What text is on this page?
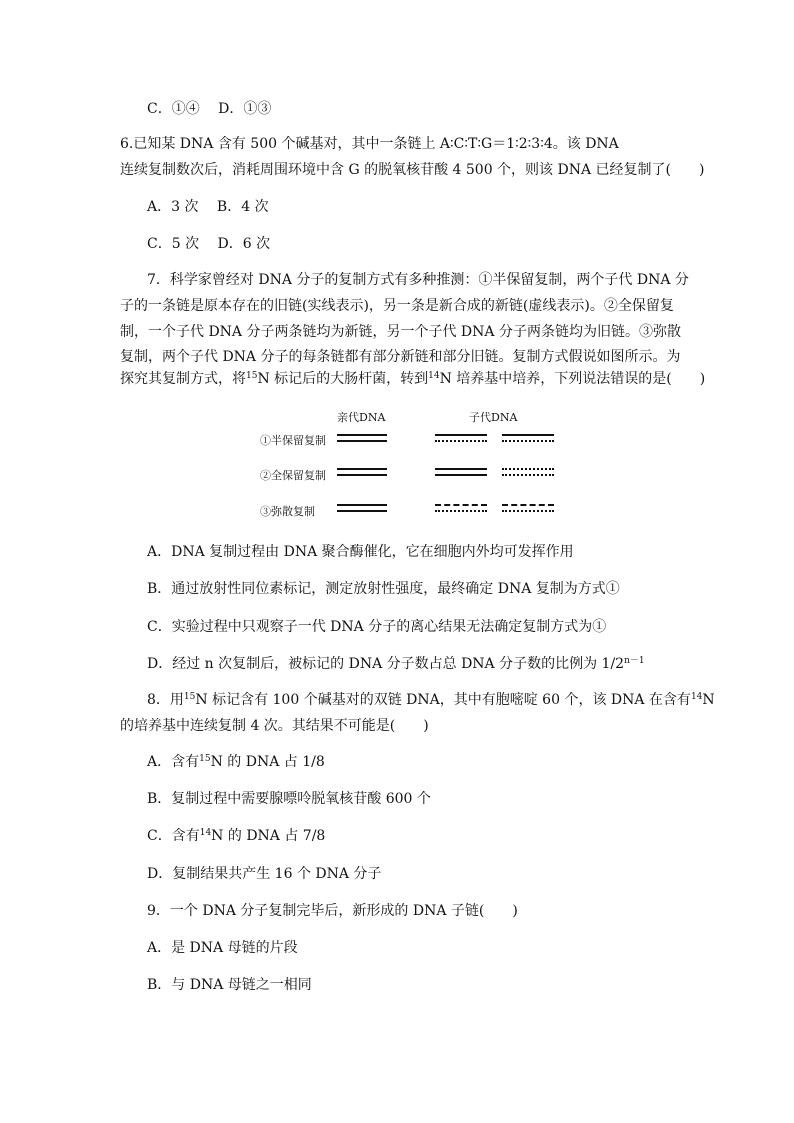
C．①④　 D．①③
6.已知某 DNA 含有 500 个碱基对，其中一条链上 A∶C∶T∶G＝1∶2∶3∶4。该 DNA
连续复制数次后，消耗周围环境中含 G 的脱氧核苷酸 4 500 个，则该 DNA 已经复制了(　　)
A．3 次　 B．4 次
C．5 次　 D．6 次
7．科学家曾经对 DNA 分子的复制方式有多种推测：①半保留复制，两个子代 DNA 分
子的一条链是原本存在的旧链(实线表示)，另一条是新合成的新链(虚线表示)。②全保留复
制，一个子代 DNA 分子两条链均为新链，另一个子代 DNA 分子两条链均为旧链。③弥散
复制，两个子代 DNA 分子的每条链都有部分新链和部分旧链。复制方式假说如图所示。为
探究其复制方式，将$^{15}$N 标记后的大肠杆菌，转到$^{14}$N 培养基中培养，下列说法错误的是(　　)
亲代DNA	子代DNA
①半保留复制
②全保留复制
③弥散复制
A．DNA 复制过程由 DNA 聚合酶催化，它在细胞内外均可发挥作用
B．通过放射性同位素标记，测定放射性强度，最终确定 DNA 复制为方式①
C．实验过程中只观察子一代 DNA 分子的离心结果无法确定复制方式为①
D．经过 n 次复制后，被标记的 DNA 分子数占总 DNA 分子数的比例为 $1/2^{n-1}$
8．用$^{15}$N 标记含有 100 个碱基对的双链 DNA，其中有胞嘧啶 60 个，该 DNA 在含有$^{14}$N
的培养基中连续复制 4 次。其结果不可能是(　　)
A．含有$^{15}$N 的 DNA 占 1/8
B．复制过程中需要腺嘌呤脱氧核苷酸 600 个
C．含有$^{14}$N 的 DNA 占 7/8
D．复制结果共产生 16 个 DNA 分子
9．一个 DNA 分子复制完毕后，新形成的 DNA 子链(　　)
A．是 DNA 母链的片段
B．与 DNA 母链之一相同
